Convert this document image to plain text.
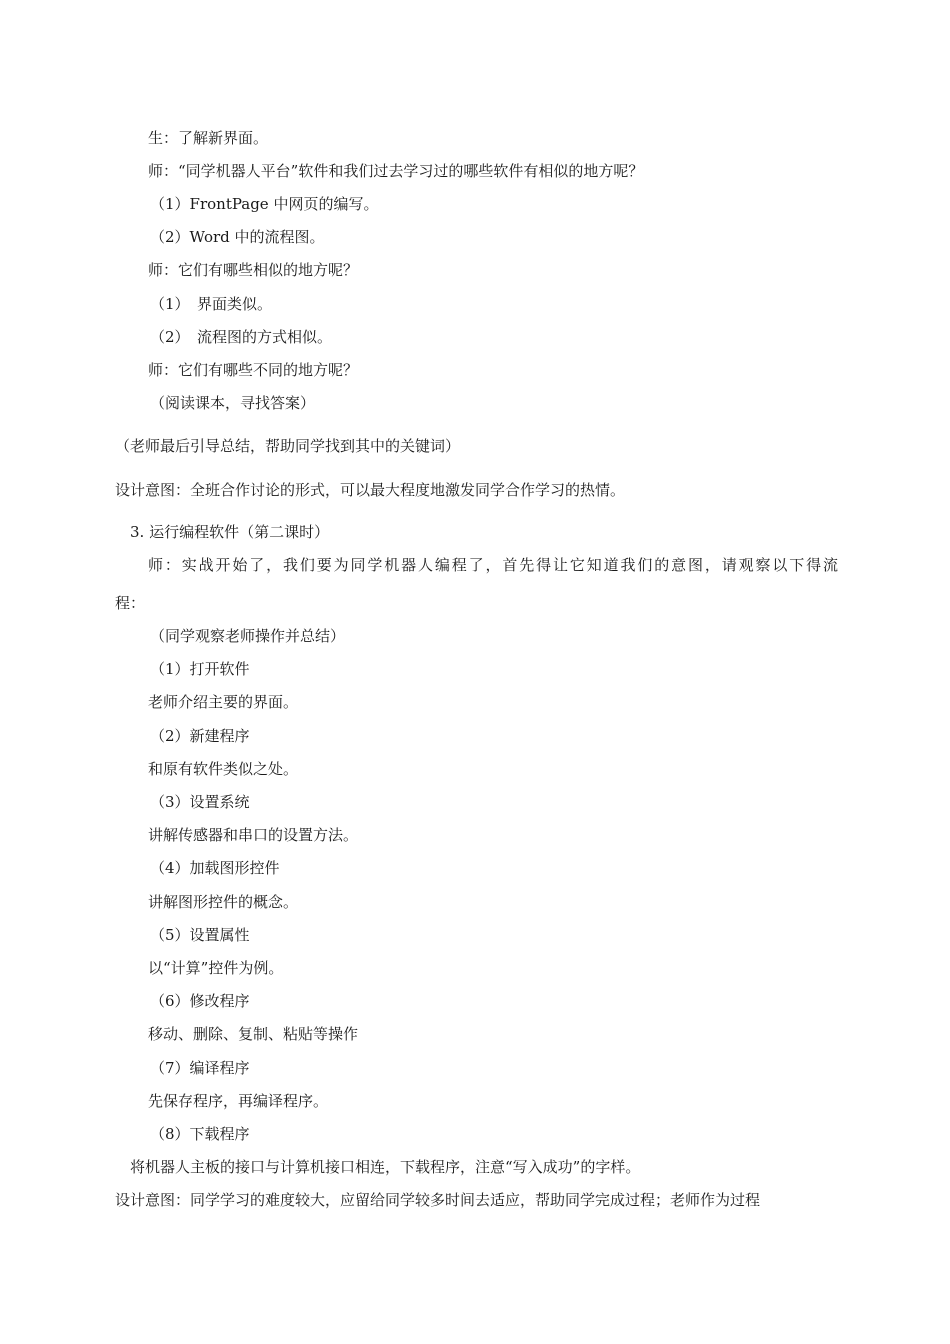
生：了解新界面。
师：“同学机器人平台”软件和我们过去学习过的哪些软件有相似的地方呢？
（1）FrontPage 中网页的编写。
（2）Word 中的流程图。
师：它们有哪些相似的地方呢？
（1）　界面类似。
（2）　流程图的方式相似。
师：它们有哪些不同的地方呢？
（阅读课本，寻找答案）
（老师最后引导总结，帮助同学找到其中的关键词）
设计意图：全班合作讨论的形式，可以最大程度地激发同学合作学习的热情。
3. 运行编程软件（第二课时）
师：实战开始了，我们要为同学机器人编程了，首先得让它知道我们的意图，请观察以下得流
程：
（同学观察老师操作并总结）
（1）打开软件
老师介绍主要的界面。
（2）新建程序
和原有软件类似之处。
（3）设置系统
讲解传感器和串口的设置方法。
（4）加载图形控件
讲解图形控件的概念。
（5）设置属性
以“计算”控件为例。
（6）修改程序
移动、删除、复制、粘贴等操作
（7）编译程序
先保存程序，再编译程序。
（8）下载程序
将机器人主板的接口与计算机接口相连，下载程序，注意“写入成功”的字样。
设计意图：同学学习的难度较大，应留给同学较多时间去适应，帮助同学完成过程；老师作为过程
